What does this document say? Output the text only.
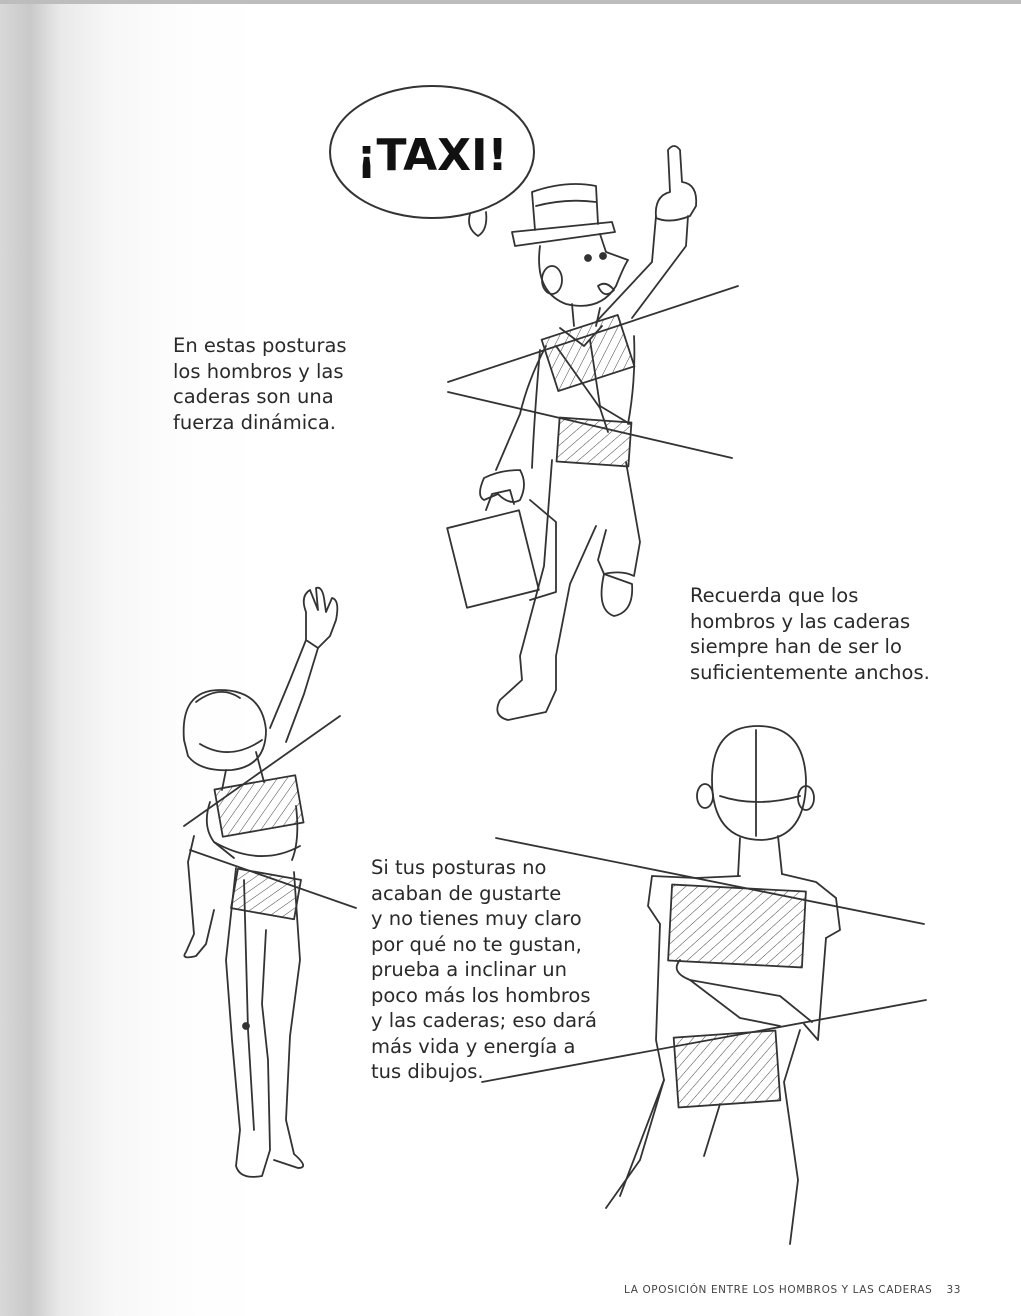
¡TAXI!
En estas posturas
los hombros y las
caderas son una
fuerza dinámica.
Recuerda que los
hombros y las caderas
siempre han de ser lo
suficientemente anchos.
Si tus posturas no
acaban de gustarte
y no tienes muy claro
por qué no te gustan,
prueba a inclinar un
poco más los hombros
y las caderas; eso dará
más vida y energía a
tus dibujos.
LA OPOSICIÓN ENTRE LOS HOMBROS Y LAS CADERAS 33
